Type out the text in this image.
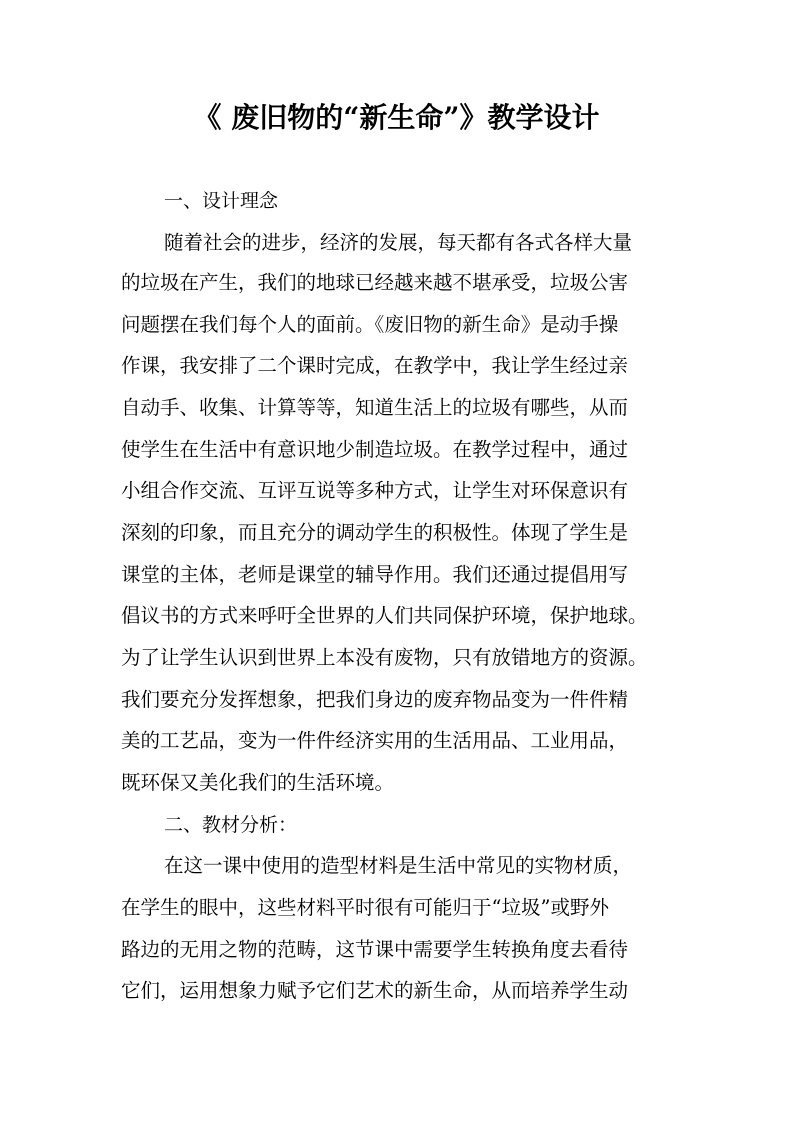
《 废旧物的“新生命”》教学设计
一、设计理念
随着社会的进步，经济的发展，每天都有各式各样大量
的垃圾在产生，我们的地球已经越来越不堪承受，垃圾公害
问题摆在我们每个人的面前。《废旧物的新生命》是动手操
作课，我安排了二个课时完成，在教学中，我让学生经过亲
自动手、收集、计算等等，知道生活上的垃圾有哪些，从而
使学生在生活中有意识地少制造垃圾。在教学过程中，通过
小组合作交流、互评互说等多种方式，让学生对环保意识有
深刻的印象，而且充分的调动学生的积极性。体现了学生是
课堂的主体，老师是课堂的辅导作用。我们还通过提倡用写
倡议书的方式来呼吁全世界的人们共同保护环境，保护地球。
为了让学生认识到世界上本没有废物，只有放错地方的资源。
我们要充分发挥想象，把我们身边的废弃物品变为一件件精
美的工艺品，变为一件件经济实用的生活用品、工业用品，
既环保又美化我们的生活环境。
二、教材分析：
在这一课中使用的造型材料是生活中常见的实物材质，
在学生的眼中，这些材料平时很有可能归于“垃圾”或野外
路边的无用之物的范畴，这节课中需要学生转换角度去看待
它们，运用想象力赋予它们艺术的新生命，从而培养学生动
